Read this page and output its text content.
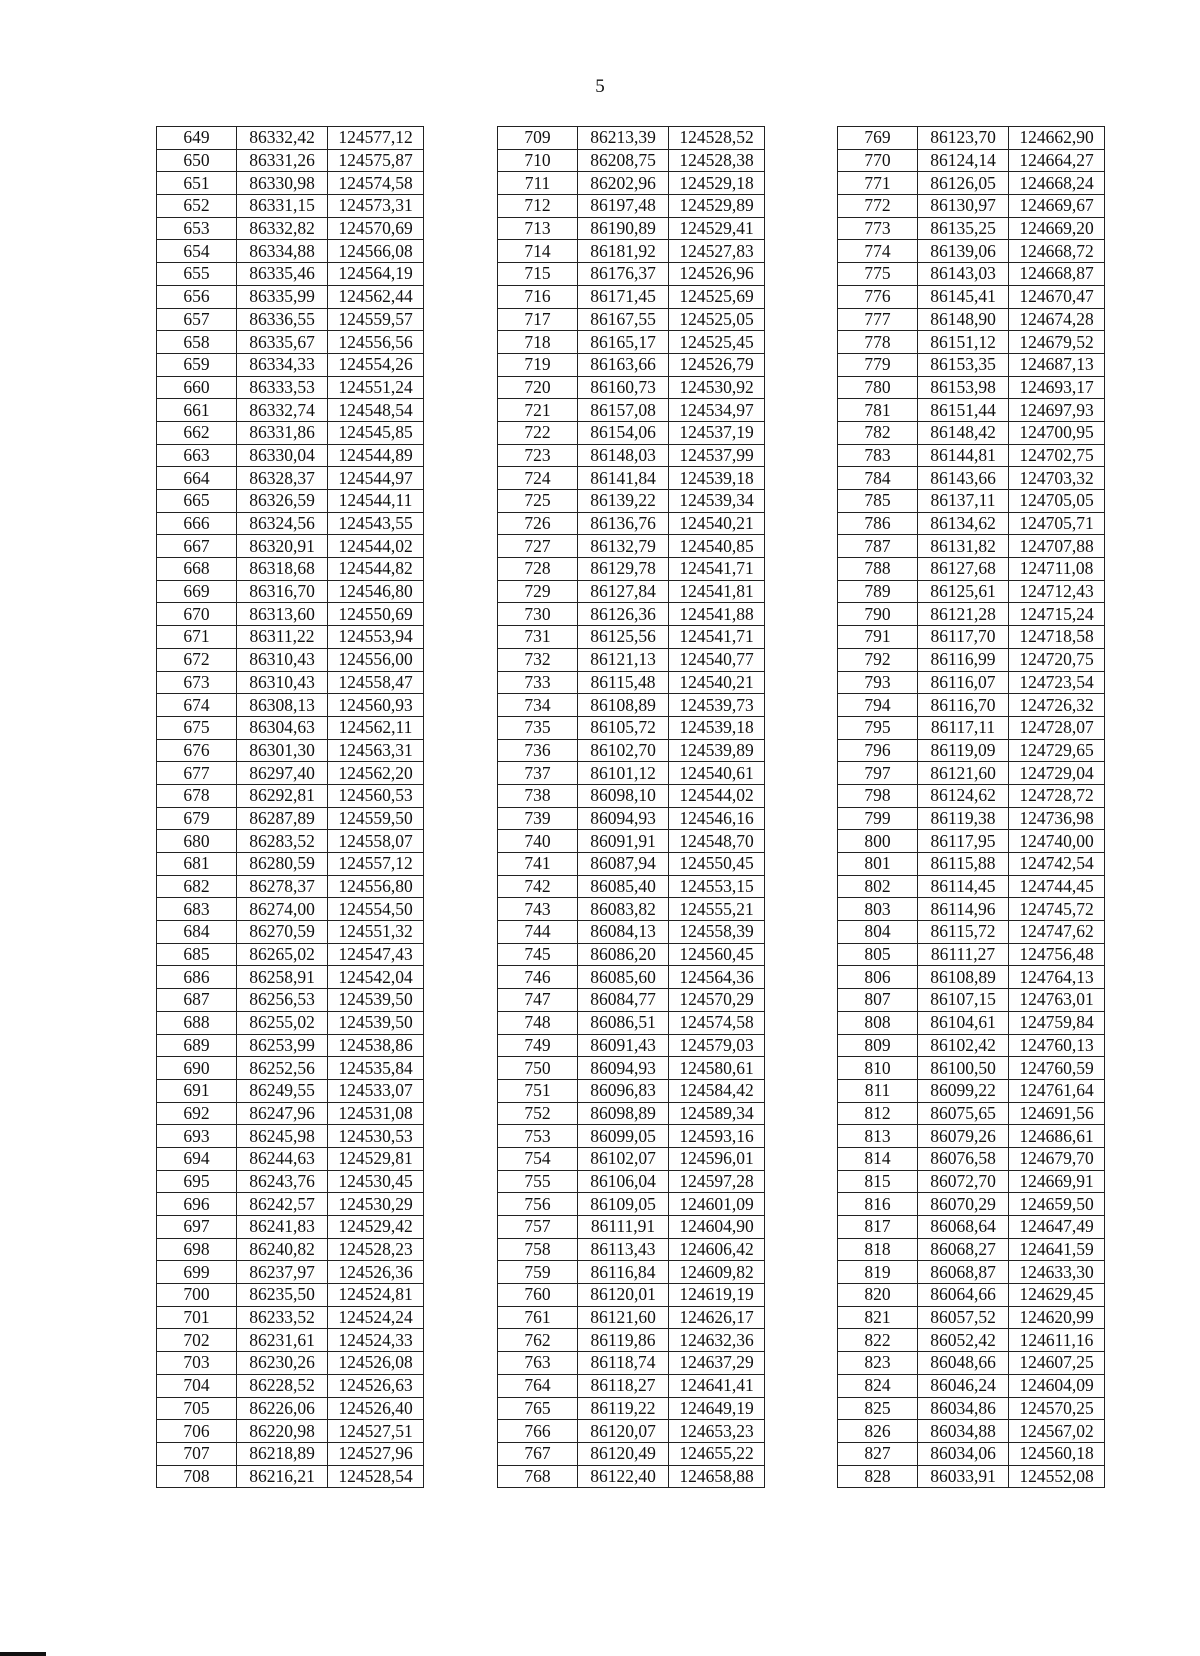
5
649	86332,42	124577,12
650	86331,26	124575,87
651	86330,98	124574,58
652	86331,15	124573,31
653	86332,82	124570,69
654	86334,88	124566,08
655	86335,46	124564,19
656	86335,99	124562,44
657	86336,55	124559,57
658	86335,67	124556,56
659	86334,33	124554,26
660	86333,53	124551,24
661	86332,74	124548,54
662	86331,86	124545,85
663	86330,04	124544,89
664	86328,37	124544,97
665	86326,59	124544,11
666	86324,56	124543,55
667	86320,91	124544,02
668	86318,68	124544,82
669	86316,70	124546,80
670	86313,60	124550,69
671	86311,22	124553,94
672	86310,43	124556,00
673	86310,43	124558,47
674	86308,13	124560,93
675	86304,63	124562,11
676	86301,30	124563,31
677	86297,40	124562,20
678	86292,81	124560,53
679	86287,89	124559,50
680	86283,52	124558,07
681	86280,59	124557,12
682	86278,37	124556,80
683	86274,00	124554,50
684	86270,59	124551,32
685	86265,02	124547,43
686	86258,91	124542,04
687	86256,53	124539,50
688	86255,02	124539,50
689	86253,99	124538,86
690	86252,56	124535,84
691	86249,55	124533,07
692	86247,96	124531,08
693	86245,98	124530,53
694	86244,63	124529,81
695	86243,76	124530,45
696	86242,57	124530,29
697	86241,83	124529,42
698	86240,82	124528,23
699	86237,97	124526,36
700	86235,50	124524,81
701	86233,52	124524,24
702	86231,61	124524,33
703	86230,26	124526,08
704	86228,52	124526,63
705	86226,06	124526,40
706	86220,98	124527,51
707	86218,89	124527,96
708	86216,21	124528,54
709	86213,39	124528,52
710	86208,75	124528,38
711	86202,96	124529,18
712	86197,48	124529,89
713	86190,89	124529,41
714	86181,92	124527,83
715	86176,37	124526,96
716	86171,45	124525,69
717	86167,55	124525,05
718	86165,17	124525,45
719	86163,66	124526,79
720	86160,73	124530,92
721	86157,08	124534,97
722	86154,06	124537,19
723	86148,03	124537,99
724	86141,84	124539,18
725	86139,22	124539,34
726	86136,76	124540,21
727	86132,79	124540,85
728	86129,78	124541,71
729	86127,84	124541,81
730	86126,36	124541,88
731	86125,56	124541,71
732	86121,13	124540,77
733	86115,48	124540,21
734	86108,89	124539,73
735	86105,72	124539,18
736	86102,70	124539,89
737	86101,12	124540,61
738	86098,10	124544,02
739	86094,93	124546,16
740	86091,91	124548,70
741	86087,94	124550,45
742	86085,40	124553,15
743	86083,82	124555,21
744	86084,13	124558,39
745	86086,20	124560,45
746	86085,60	124564,36
747	86084,77	124570,29
748	86086,51	124574,58
749	86091,43	124579,03
750	86094,93	124580,61
751	86096,83	124584,42
752	86098,89	124589,34
753	86099,05	124593,16
754	86102,07	124596,01
755	86106,04	124597,28
756	86109,05	124601,09
757	86111,91	124604,90
758	86113,43	124606,42
759	86116,84	124609,82
760	86120,01	124619,19
761	86121,60	124626,17
762	86119,86	124632,36
763	86118,74	124637,29
764	86118,27	124641,41
765	86119,22	124649,19
766	86120,07	124653,23
767	86120,49	124655,22
768	86122,40	124658,88
769	86123,70	124662,90
770	86124,14	124664,27
771	86126,05	124668,24
772	86130,97	124669,67
773	86135,25	124669,20
774	86139,06	124668,72
775	86143,03	124668,87
776	86145,41	124670,47
777	86148,90	124674,28
778	86151,12	124679,52
779	86153,35	124687,13
780	86153,98	124693,17
781	86151,44	124697,93
782	86148,42	124700,95
783	86144,81	124702,75
784	86143,66	124703,32
785	86137,11	124705,05
786	86134,62	124705,71
787	86131,82	124707,88
788	86127,68	124711,08
789	86125,61	124712,43
790	86121,28	124715,24
791	86117,70	124718,58
792	86116,99	124720,75
793	86116,07	124723,54
794	86116,70	124726,32
795	86117,11	124728,07
796	86119,09	124729,65
797	86121,60	124729,04
798	86124,62	124728,72
799	86119,38	124736,98
800	86117,95	124740,00
801	86115,88	124742,54
802	86114,45	124744,45
803	86114,96	124745,72
804	86115,72	124747,62
805	86111,27	124756,48
806	86108,89	124764,13
807	86107,15	124763,01
808	86104,61	124759,84
809	86102,42	124760,13
810	86100,50	124760,59
811	86099,22	124761,64
812	86075,65	124691,56
813	86079,26	124686,61
814	86076,58	124679,70
815	86072,70	124669,91
816	86070,29	124659,50
817	86068,64	124647,49
818	86068,27	124641,59
819	86068,87	124633,30
820	86064,66	124629,45
821	86057,52	124620,99
822	86052,42	124611,16
823	86048,66	124607,25
824	86046,24	124604,09
825	86034,86	124570,25
826	86034,88	124567,02
827	86034,06	124560,18
828	86033,91	124552,08
